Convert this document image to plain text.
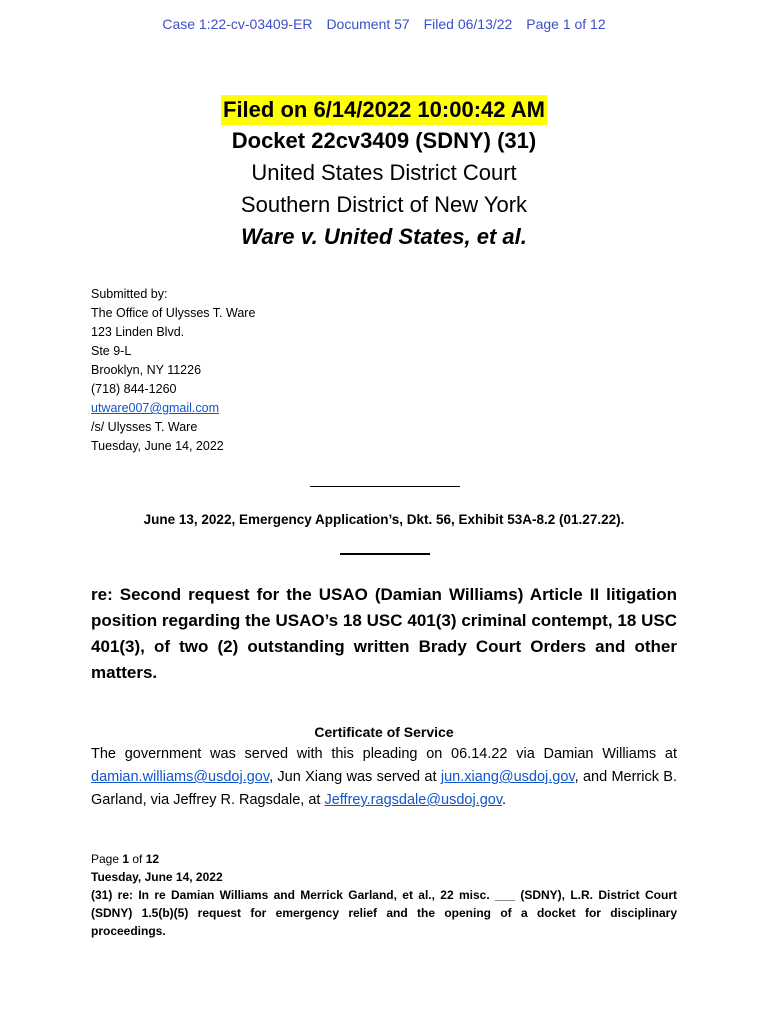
Case 1:22-cv-03409-ER Document 57 Filed 06/13/22 Page 1 of 12
Filed on 6/14/2022 10:00:42 AM
Docket 22cv3409 (SDNY) (31)
United States District Court
Southern District of New York
Ware v. United States, et al.
Submitted by:
The Office of Ulysses T. Ware
123 Linden Blvd.
Ste 9-L
Brooklyn, NY 11226
(718) 844-1260
utware007@gmail.com
/s/ Ulysses T. Ware
Tuesday, June 14, 2022
June 13, 2022, Emergency Application’s, Dkt. 56, Exhibit 53A-8.2 (01.27.22).
re: Second request for the USAO (Damian Williams) Article II litigation position regarding the USAO’s 18 USC 401(3) criminal contempt, 18 USC 401(3), of two (2) outstanding written Brady Court Orders and other matters.
Certificate of Service
The government was served with this pleading on 06.14.22 via Damian Williams at damian.williams@usdoj.gov, Jun Xiang was served at jun.xiang@usdoj.gov, and Merrick B. Garland, via Jeffrey R. Ragsdale, at Jeffrey.ragsdale@usdoj.gov.
Page 1 of 12
Tuesday, June 14, 2022
(31) re: In re Damian Williams and Merrick Garland, et al., 22 misc. ___ (SDNY), L.R. District Court (SDNY) 1.5(b)(5) request for emergency relief and the opening of a docket for disciplinary proceedings.
